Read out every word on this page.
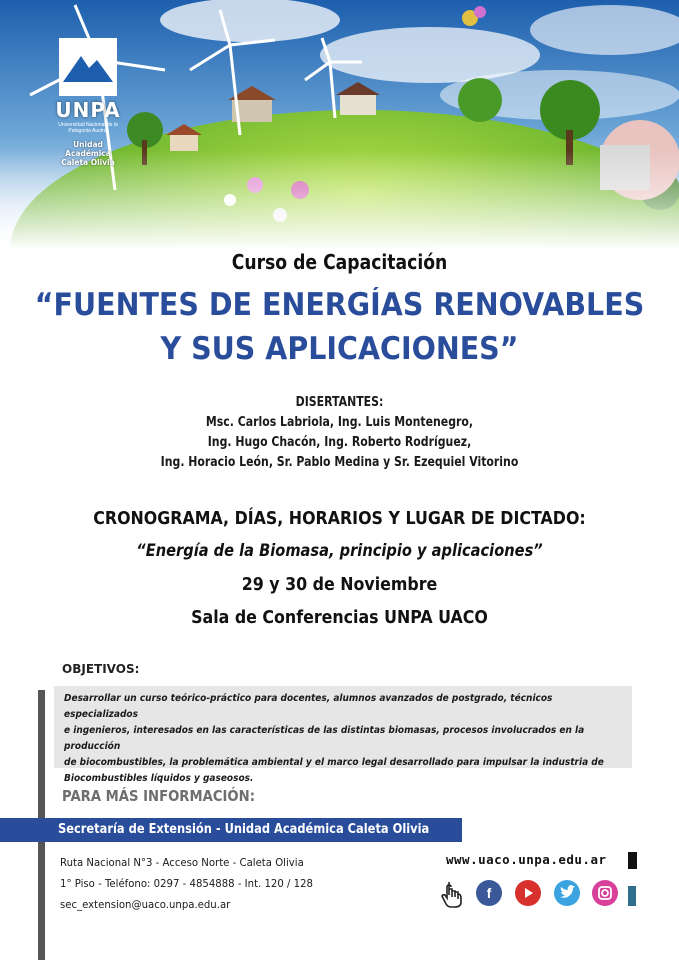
UNPA
Universidad Nacional de la Patagonia Austral
Unidad Académica
Caleta Olivia
Curso de Capacitación
“FUENTES DE ENERGÍAS RENOVABLES
Y SUS APLICACIONES”
DISERTANTES:
Msc. Carlos Labriola, Ing. Luis Montenegro,
Ing. Hugo Chacón, Ing. Roberto Rodríguez,
Ing. Horacio León, Sr. Pablo Medina y Sr. Ezequiel Vitorino
CRONOGRAMA, DÍAS, HORARIOS Y LUGAR DE DICTADO:
“Energía de la Biomasa, principio y aplicaciones”
29 y 30 de Noviembre
Sala de Conferencias UNPA UACO
OBJETIVOS:
Desarrollar un curso teórico-práctico para docentes, alumnos avanzados de postgrado, técnicos especializados
e ingenieros, interesados en las características de las distintas biomasas, procesos involucrados en la producción
de biocombustibles, la problemática ambiental y el marco legal desarrollado para impulsar la industria de
Biocombustibles líquidos y gaseosos.
PARA MÁS INFORMACIÓN:
Secretaría de Extensión - Unidad Académica Caleta Olivia
Ruta Nacional N°3 - Acceso Norte - Caleta Olivia
1° Piso - Teléfono: 0297 - 4854888 - Int. 120 / 128
sec_extension@uaco.unpa.edu.ar
www.uaco.unpa.edu.ar
f
